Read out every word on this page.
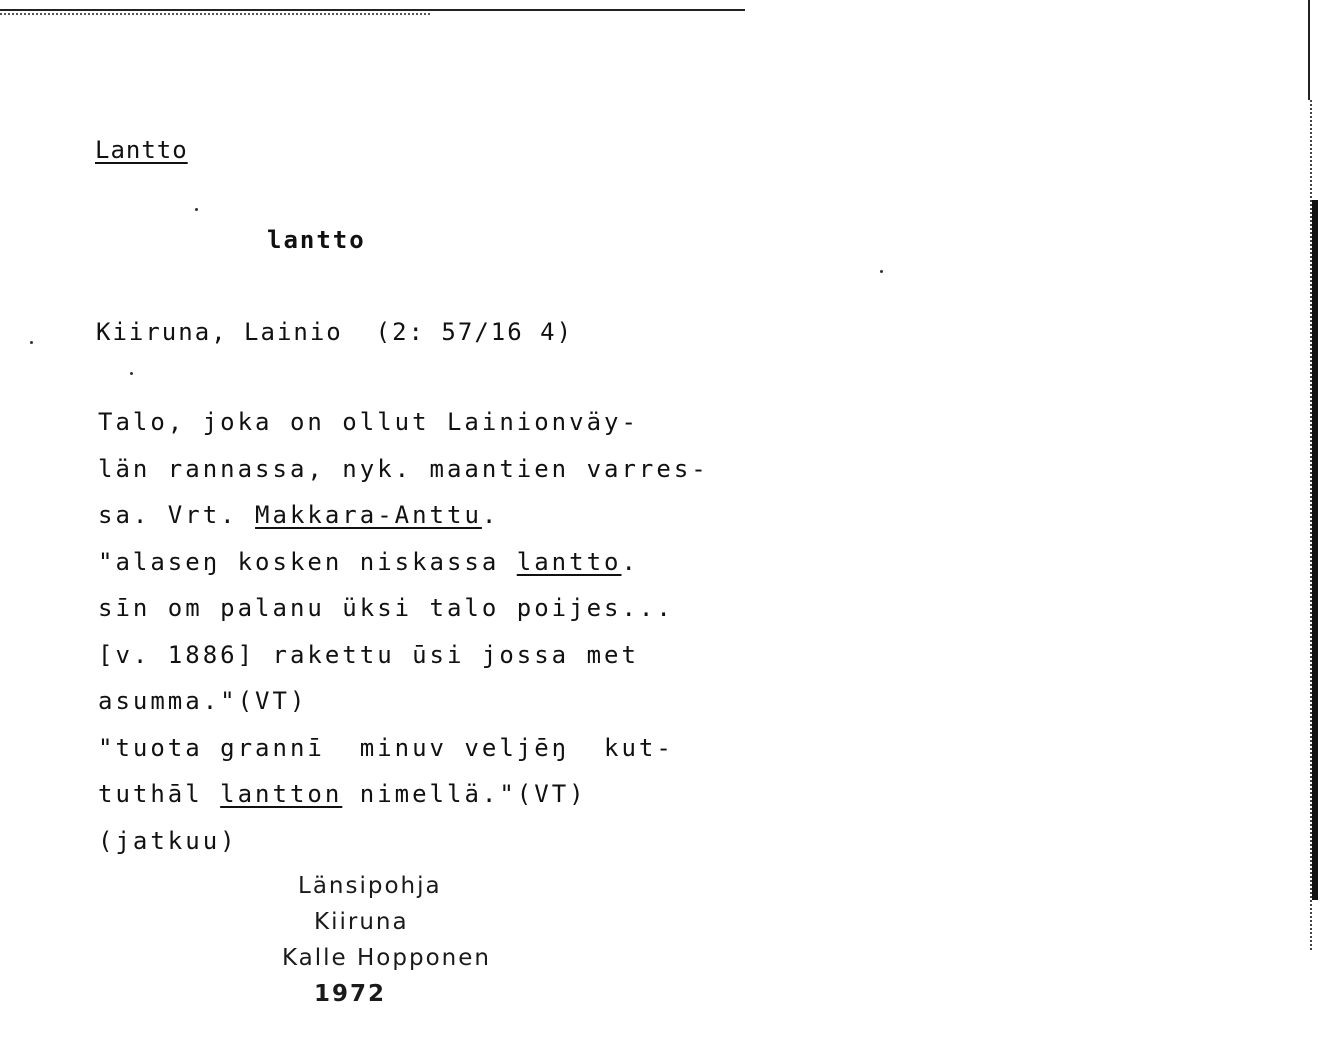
Lantto
lantto
Kiiruna, Lainio  (2: 57/16 4)
Talo, joka on ollut Lainionväy-
län rannassa, nyk. maantien varres-
sa. Vrt. Makkara-Anttu.
"alaseŋ kosken niskassa lantto.
sīn om palanu üksi talo poijes...
[v. 1886] rakettu ūsi jossa met
asumma."(VT)
"tuota grannī  minuv veljēŋ  kut-
tuthāl lantton nimellä."(VT)
(jatkuu)
Länsipohja
Kiiruna
Kalle Hopponen
1972
